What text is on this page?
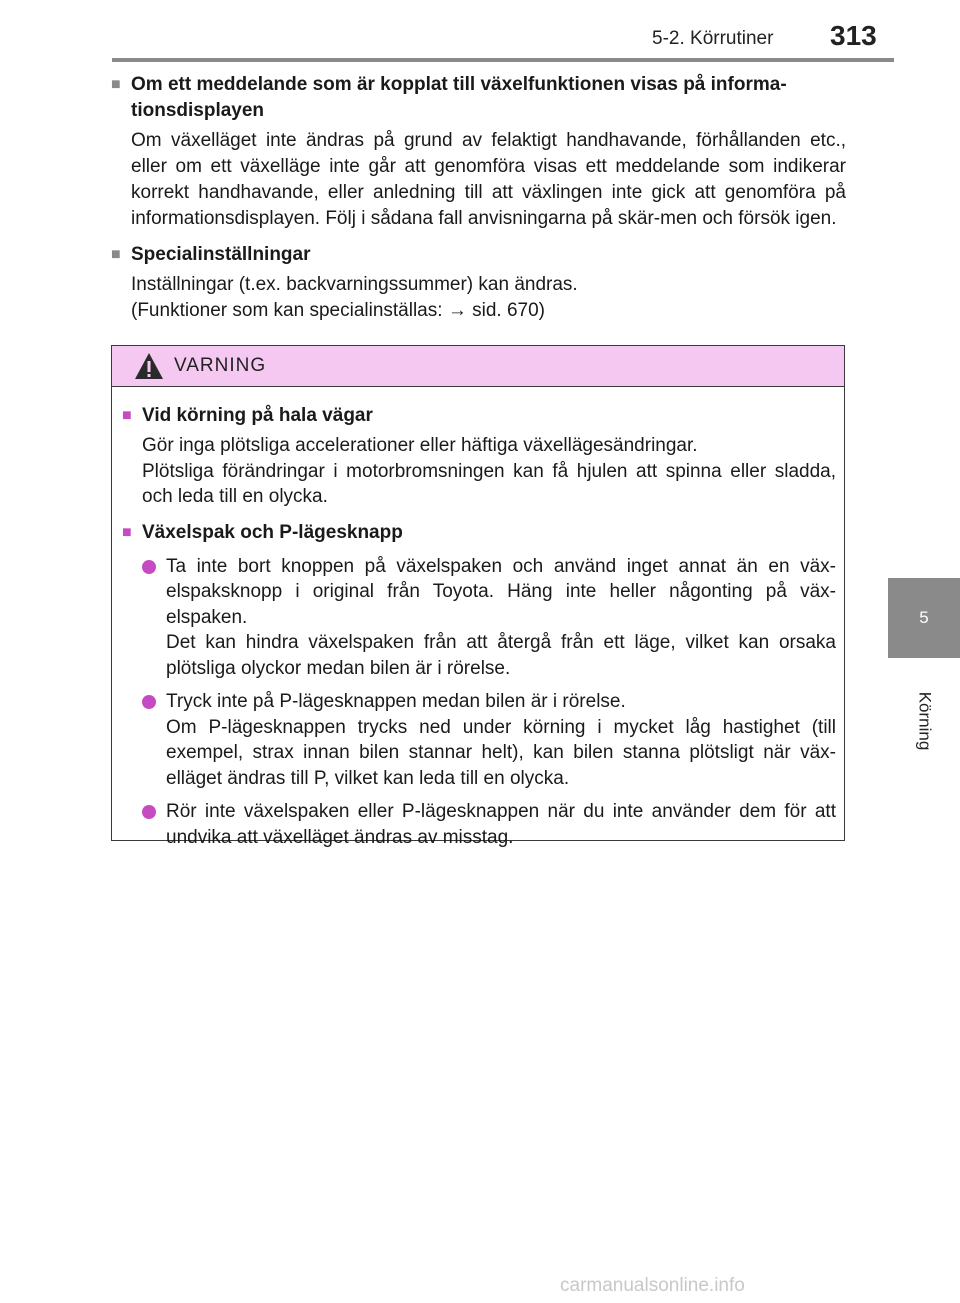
5-2. Körrutiner 313
5
Körning
■ Om ett meddelande som är kopplat till växelfunktionen visas på informa-tionsdisplayen
Om växelläget inte ändras på grund av felaktigt handhavande, förhållanden etc., eller om ett växelläge inte går att genomföra visas ett meddelande som indikerar korrekt handhavande, eller anledning till att växlingen inte gick att genomföra på informationsdisplayen. Följ i sådana fall anvisningarna på skär-men och försök igen.
■ Specialinställningar
Inställningar (t.ex. backvarningssummer) kan ändras.
(Funktioner som kan specialinställas: → sid. 670)
VARNING
■ Vid körning på hala vägar
Gör inga plötsliga accelerationer eller häftiga växellägesändringar.
Plötsliga förändringar i motorbromsningen kan få hjulen att spinna eller sladda, och leda till en olycka.
■ Växelspak och P-lägesknapp
Ta inte bort knoppen på växelspaken och använd inget annat än en väx-elspaksknopp i original från Toyota. Häng inte heller någonting på väx-elspaken.
Det kan hindra växelspaken från att återgå från ett läge, vilket kan orsaka plötsliga olyckor medan bilen är i rörelse.
Tryck inte på P-lägesknappen medan bilen är i rörelse.
Om P-lägesknappen trycks ned under körning i mycket låg hastighet (till exempel, strax innan bilen stannar helt), kan bilen stanna plötsligt när väx-elläget ändras till P, vilket kan leda till en olycka.
Rör inte växelspaken eller P-lägesknappen när du inte använder dem för att undvika att växelläget ändras av misstag.
carmanualsonline.info
